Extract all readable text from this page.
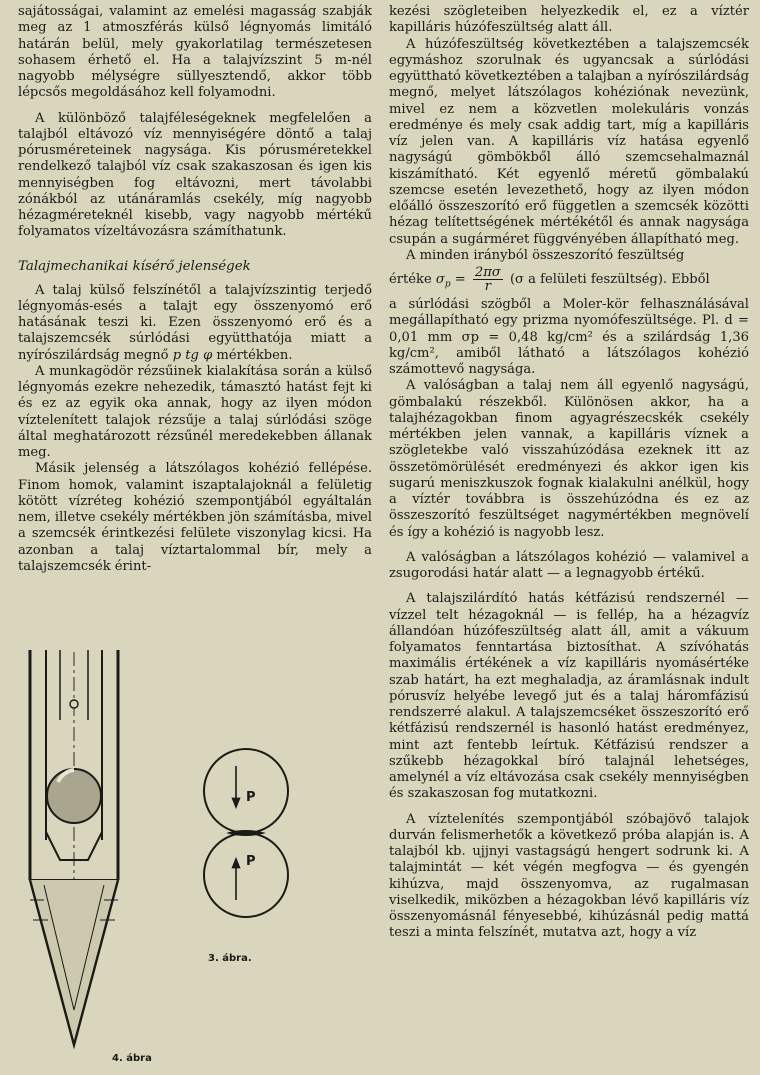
sajátosságai, valamint az emelési magasság szabják meg az 1 atmoszférás külső légnyomás limitáló határán belül, mely gyakorlatilag természetesen sohasem érhető el. Ha a talajvízszint 5 m-nél nagyobb mélységre süllyesztendő, akkor több lépcsős megoldásához kell folyamodni.

A különböző talajféleségeknek megfelelően a talajból eltávozó víz mennyiségére döntő a talaj pórusméreteinek nagysága. Kis pórusméretekkel rendelkező talajból víz csak szakaszosan és igen kis mennyiségben fog eltávozni, mert távolabbi zónákból az utánáramlás csekély, míg nagyobb hézagméreteknél kisebb, vagy nagyobb mértékű folyamatos vízeltávozásra számíthatunk.

Talajmechanikai kísérő jelenségek

A talaj külső felszínétől a talajvízszintig terjedő légnyomás-esés a talajt egy összenyomó erő hatásának teszi ki. Ezen összenyomó erő és a talajszemcsék súrlódási együtthatója miatt a nyírószilárdság megnő p tg φ mértékben.

A munkagödör rézsűinek kialakítása során a külső légnyomás ezekre nehezedik, támasztó hatást fejt ki és ez az egyik oka annak, hogy az ilyen módon víztelenített talajok rézsűje a talaj súrlódási szöge által meghatározott rézsűnél meredekebben állanak meg.

Másik jelenség a látszólagos kohézió fellépése. Finom homok, valamint iszaptalajoknál a felületig kötött vízréteg kohézió szempontjából egyáltalán nem, illetve csekély mértékben jön számításba, mivel a szemcsék érintkezési felülete viszonylag kicsi. Ha azonban a talaj víztartalommal bír, mely a talajszemcsék érint-

kezési szögleteiben helyezkedik el, ez a víztér kapilláris húzófeszültség alatt áll.

A húzófeszültség következtében a talajszemcsék egymáshoz szorulnak és ugyancsak a súrlódási együttható következtében a talajban a nyírószilárdság megnő, melyet látszólagos kohéziónak nevezünk, mivel ez nem a közvetlen molekuláris vonzás eredménye és mely csak addig tart, míg a kapilláris víz jelen van. A kapilláris víz hatása egyenlő nagyságú gömbökből álló szemcsehalmaznál kiszámítható. Két egyenlő méretű gömbalakú szemcse esetén levezethető, hogy az ilyen módon előálló összeszorító erő független a szemcsék közötti hézag telítettségének mértékétől és annak nagysága csupán a sugárméret függvényében állapítható meg.

A minden irányból összeszorító feszültség

értéke $\sigma_p = \frac{2\pi\sigma}{r} (\sigma$ a felületi feszültség). Ebből

a súrlódási szögből a Moler-kör felhasználásával megállapítható egy prizma nyomófeszültsége. Pl. d = 0,01 mm σp = 0,48 kg/cm² és a szilárdság 1,36 kg/cm², amiből látható a látszólagos kohézió számottevő nagysága.

A valóságban a talaj nem áll egyenlő nagyságú, gömbalakú részekből. Különösen akkor, ha a talajhézagokban finom agyagrészecskék csekély mértékben jelen vannak, a kapilláris víznek a szögletekbe való visszahúzódása ezeknek itt az összetömörülését eredményezi és akkor igen kis sugarú meniszkuszok fognak kialakulni anélkül, hogy a víztér továbbra is összehúzódna és ez az összeszorító feszültséget nagymértékben megnövelí és így a kohézió is nagyobb lesz.

A valóságban a látszólagos kohézió — valamivel a zsugorodási határ alatt — a legnagyobb értékű.

A talajszilárdító hatás kétfázisú rendszernél — vízzel telt hézagoknál — is fellép, ha a hézagvíz állandóan húzófeszültség alatt áll, amit a vákuum folyamatos fenntartása biztosíthat. A szívóhatás maximális értékének a víz kapilláris nyomásértéke szab határt, ha ezt meghaladja, az áramlásnak indult pórusvíz helyébe levegő jut és a talaj háromfázisú rendszerré alakul. A talajszemcséket összeszorító erő kétfázisú rendszernél is hasonló hatást eredményez, mint azt fentebb leírtuk. Kétfázisú rendszer a szűkebb hézagokkal bíró talajnál lehetséges, amelynél a víz eltávozása csak csekély mennyiségben és szakaszosan fog mutatkozni.

A víztelenítés szempontjából szóbajövő talajok durván felismerhetők a következő próba alapján is. A talajból kb. ujjnyi vastagságú hengert sodrunk ki. A talajmintát — két végén megfogva — és gyengén kihúzva, majd összenyomva, az rugalmasan viselkedik, miközben a hézagokban lévő kapilláris víz összenyomásnál fényesebbé, kihúzásnál pedig mattá teszi a minta felszínét, mutatva azt, hogy a víz

P
P
3. ábra.
4. ábra
